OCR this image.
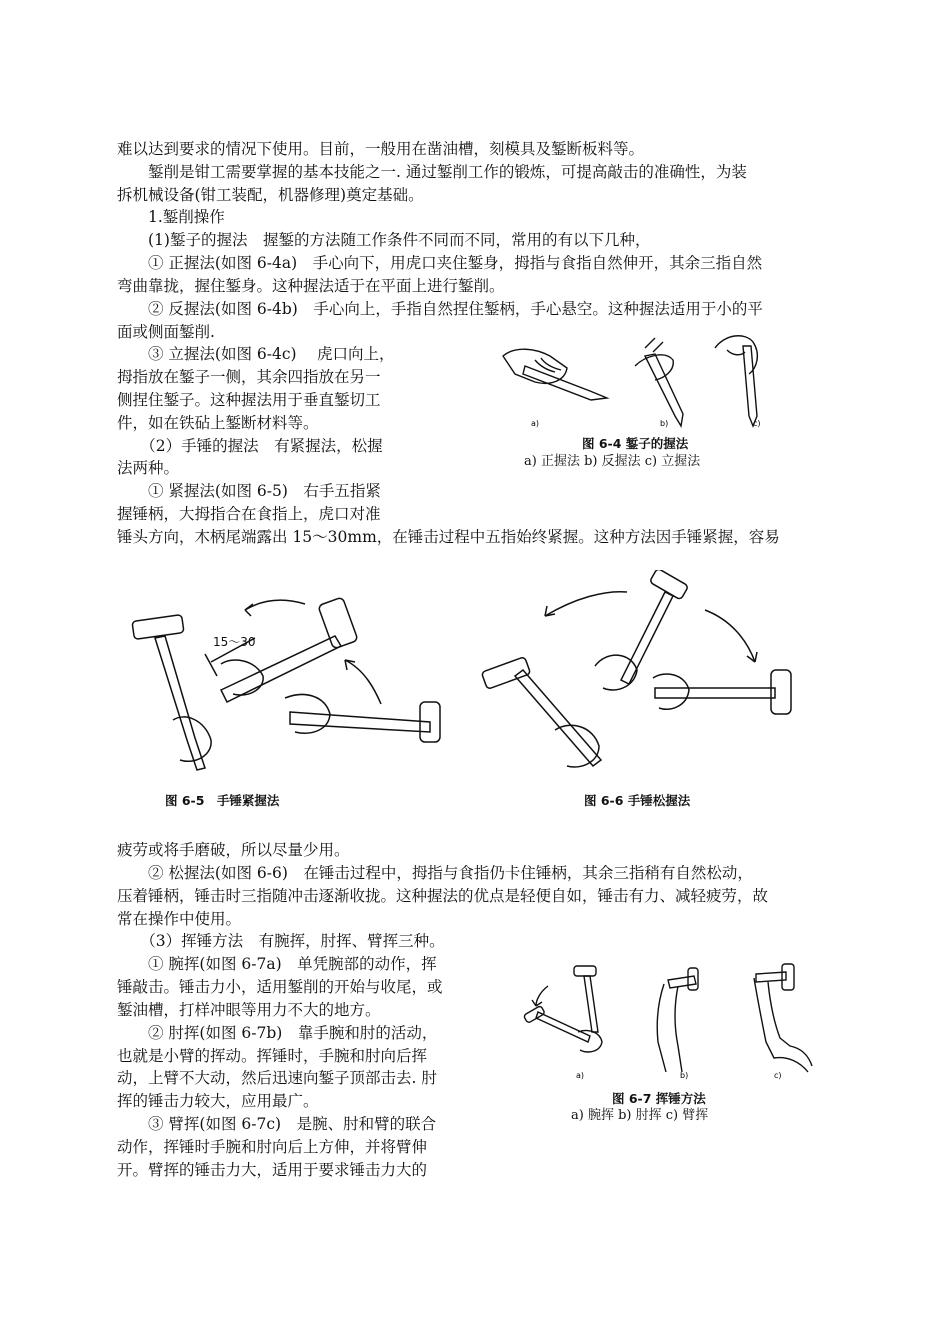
难以达到要求的情况下使用。目前，一般用在凿油槽，刻模具及錾断板料等。
　　錾削是钳工需要掌握的基本技能之一. 通过錾削工作的锻炼，可提高敲击的准确性，为装
拆机械设备(钳工装配，机器修理)奠定基础。
　　1.錾削操作
　　(1)錾子的握法　握錾的方法随工作条件不同而不同，常用的有以下几种，
　　① 正握法(如图 6-4a)　手心向下，用虎口夹住錾身，拇指与食指自然伸开，其余三指自然
弯曲靠拢，握住錾身。这种握法适于在平面上进行錾削。
　　② 反握法(如图 6-4b)　手心向上，手指自然捏住錾柄，手心悬空。这种握法适用于小的平
面或侧面錾削.
　　③ 立握法(如图 6-4c)　 虎口向上，
拇指放在錾子一侧，其余四指放在另一
侧捏住錾子。这种握法用于垂直錾切工
件，如在铁砧上錾断材料等。
　　（2）手锤的握法　有紧握法，松握
法两种。
　　① 紧握法(如图 6-5)　右手五指紧
握锤柄，大拇指合在食指上，虎口对准
锤头方向，木柄尾端露出 15～30mm，在锤击过程中五指始终紧握。这种方法因手锤紧握，容易
疲劳或将手磨破，所以尽量少用。
　　② 松握法(如图 6-6)　在锤击过程中，拇指与食指仍卡住锤柄，其余三指稍有自然松动，
压着锤柄，锤击时三指随冲击逐渐收拢。这种握法的优点是轻便自如，锤击有力、减轻疲劳，故
常在操作中使用。
　　（3）挥锤方法　有腕挥，肘挥、臂挥三种。
　　① 腕挥(如图 6-7a)　单凭腕部的动作，挥
锤敲击。锤击力小，适用錾削的开始与收尾，或
錾油槽，打样冲眼等用力不大的地方。
　　② 肘挥(如图 6-7b)　靠手腕和肘的活动，
也就是小臂的挥动。挥锤时，手腕和肘向后挥
动，上臂不大动，然后迅速向錾子顶部击去. 肘
挥的锤击力较大，应用最广。
　　③ 臂挥(如图 6-7c)　是腕、肘和臂的联合
动作，挥锤时手腕和肘向后上方伸，并将臂伸
开。臂挥的锤击力大，适用于要求锤击力大的
a)	b)	c)
图 6-4 錾子的握法
a) 正握法 b) 反握法 c) 立握法
15～30
图 6-5　手锤紧握法	图 6-6 手锤松握法
a)	b)	c)
图 6-7 挥锤方法
a) 腕挥 b) 肘挥 c) 臂挥
